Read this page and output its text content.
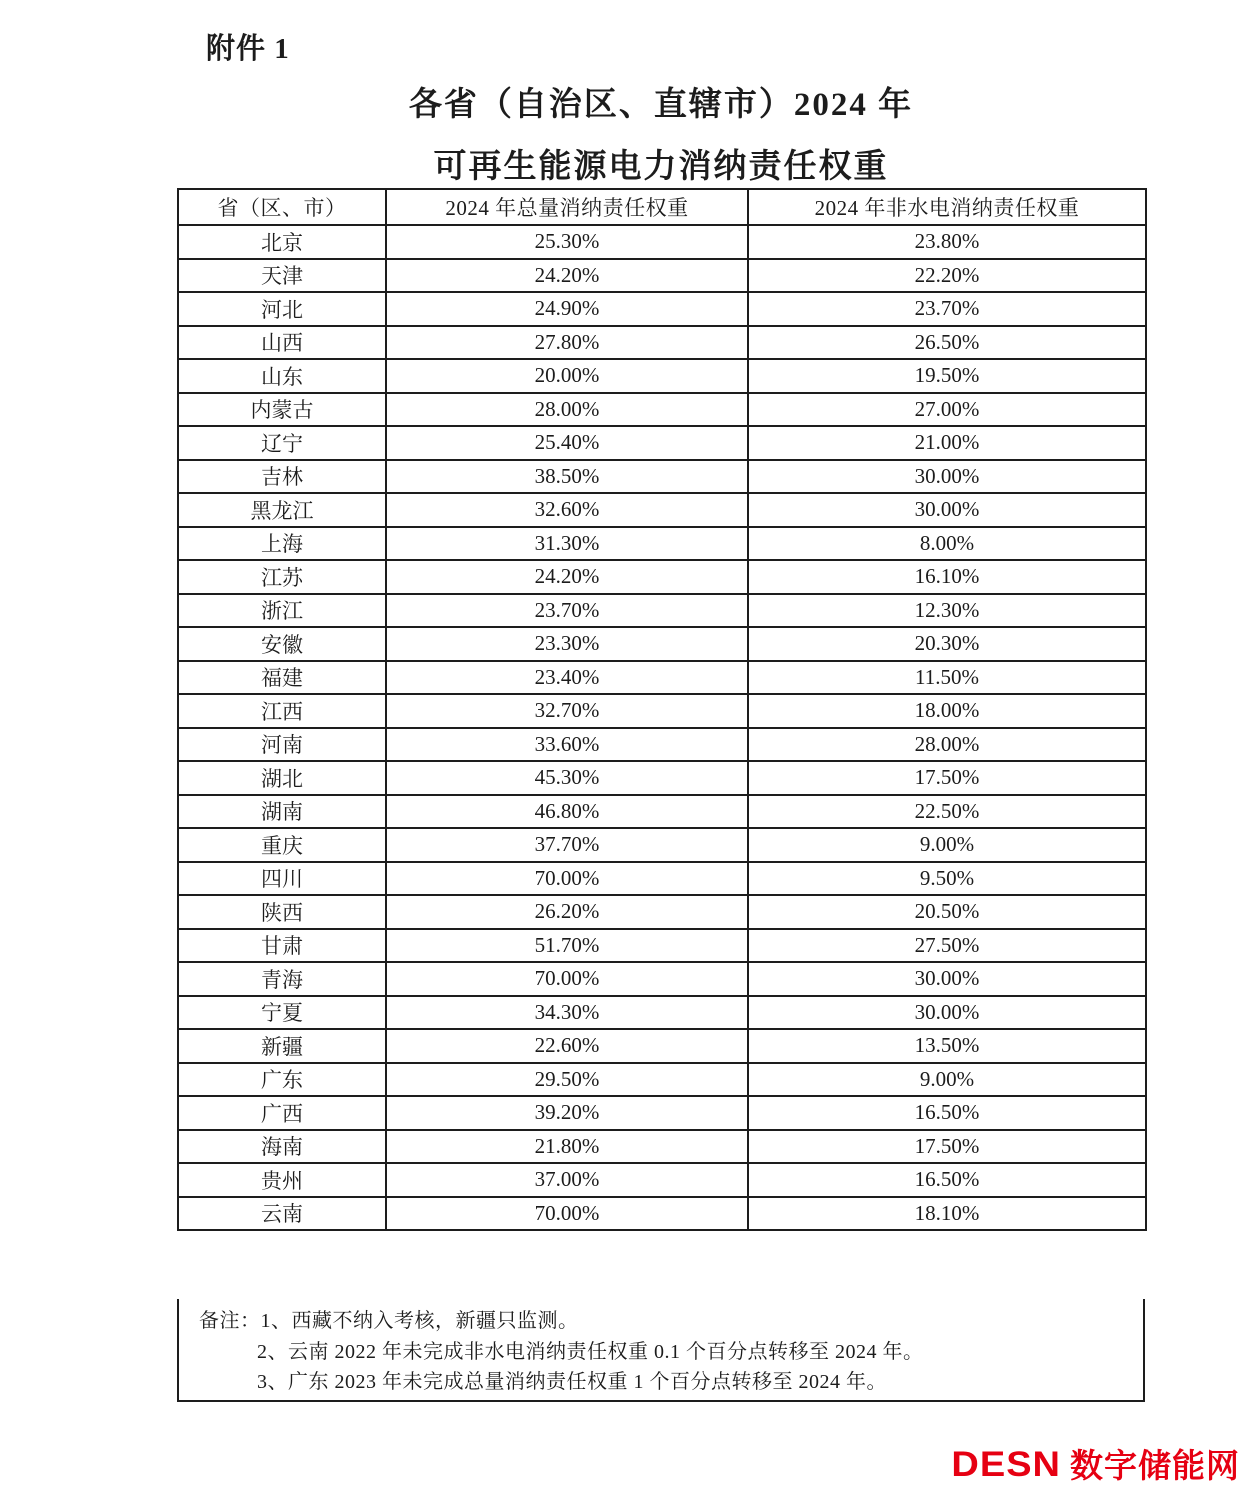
附件 1
各省（自治区、直辖市）2024 年
可再生能源电力消纳责任权重
省（区、市）	2024 年总量消纳责任权重	2024 年非水电消纳责任权重
北京	25.30%	23.80%
天津	24.20%	22.20%
河北	24.90%	23.70%
山西	27.80%	26.50%
山东	20.00%	19.50%
内蒙古	28.00%	27.00%
辽宁	25.40%	21.00%
吉林	38.50%	30.00%
黑龙江	32.60%	30.00%
上海	31.30%	8.00%
江苏	24.20%	16.10%
浙江	23.70%	12.30%
安徽	23.30%	20.30%
福建	23.40%	11.50%
江西	32.70%	18.00%
河南	33.60%	28.00%
湖北	45.30%	17.50%
湖南	46.80%	22.50%
重庆	37.70%	9.00%
四川	70.00%	9.50%
陕西	26.20%	20.50%
甘肃	51.70%	27.50%
青海	70.00%	30.00%
宁夏	34.30%	30.00%
新疆	22.60%	13.50%
广东	29.50%	9.00%
广西	39.20%	16.50%
海南	21.80%	17.50%
贵州	37.00%	16.50%
云南	70.00%	18.10%
备注：1、西藏不纳入考核，新疆只监测。
2、云南 2022 年未完成非水电消纳责任权重 0.1 个百分点转移至 2024 年。
3、广东 2023 年未完成总量消纳责任权重 1 个百分点转移至 2024 年。
DESN 数字储能网
